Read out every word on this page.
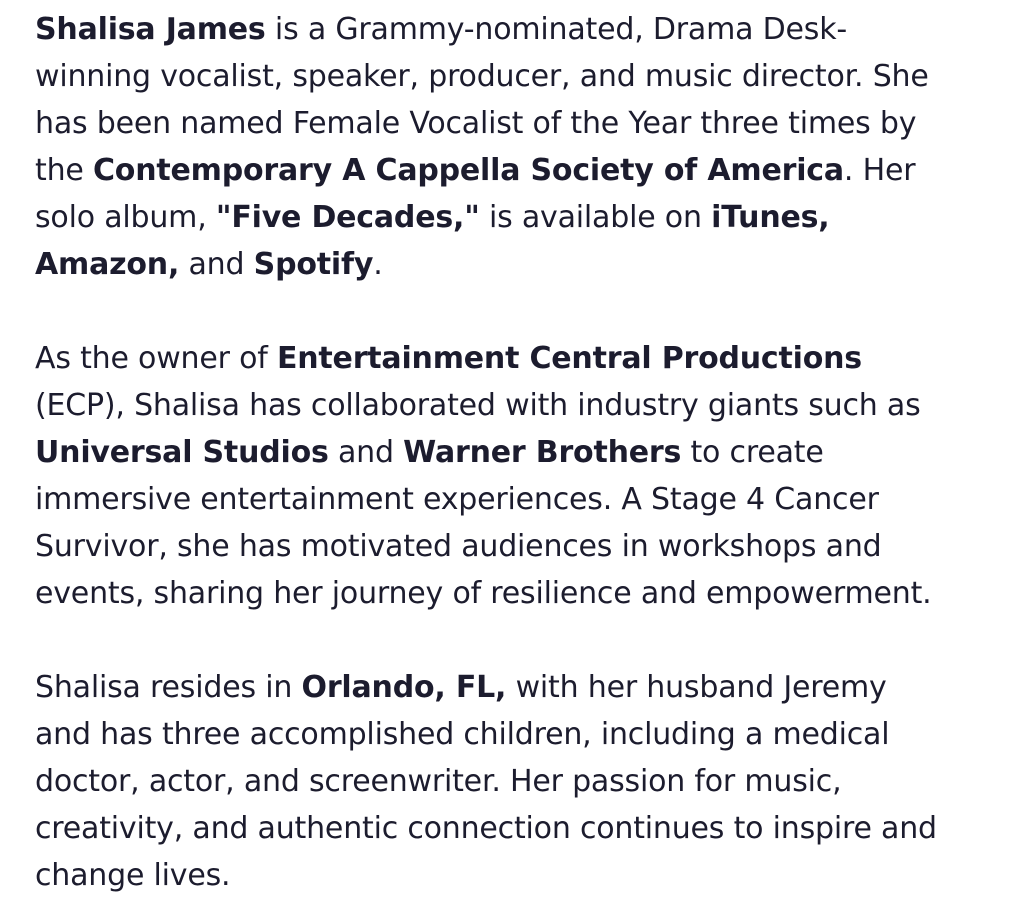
Shalisa James is a Grammy-nominated, Drama Desk-
winning vocalist, speaker, producer, and music director. She
has been named Female Vocalist of the Year three times by
the Contemporary A Cappella Society of America. Her
solo album, "Five Decades," is available on iTunes,
Amazon, and Spotify.

As the owner of Entertainment Central Productions
(ECP), Shalisa has collaborated with industry giants such as
Universal Studios and Warner Brothers to create
immersive entertainment experiences. A Stage 4 Cancer
Survivor, she has motivated audiences in workshops and
events, sharing her journey of resilience and empowerment.

Shalisa resides in Orlando, FL, with her husband Jeremy
and has three accomplished children, including a medical
doctor, actor, and screenwriter. Her passion for music,
creativity, and authentic connection continues to inspire and
change lives.
